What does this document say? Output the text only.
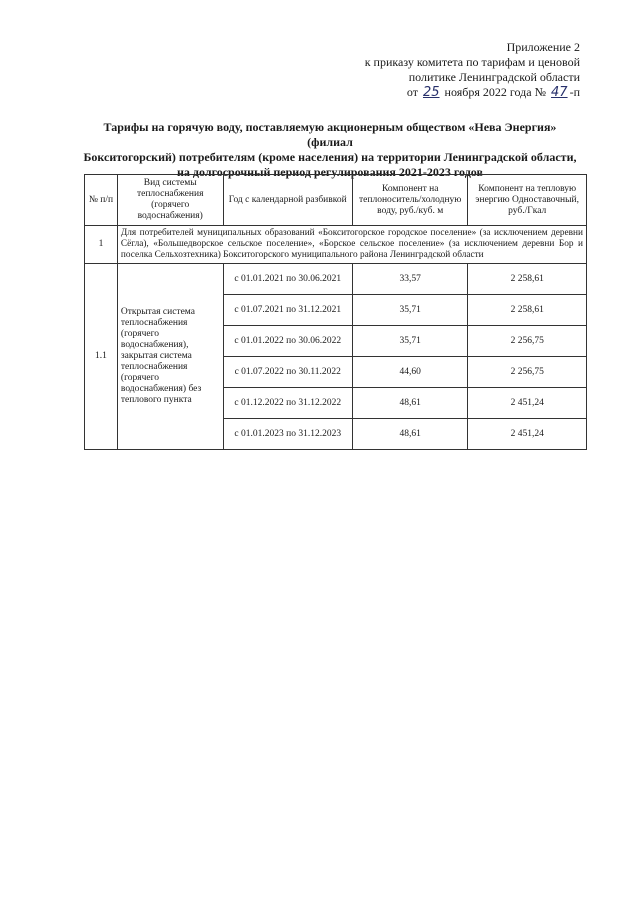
Приложение 2
к приказу комитета по тарифам и ценовой
политике Ленинградской области
от 25 ноября 2022 года № 47 -п
Тарифы на горячую воду, поставляемую акционерным обществом «Нева Энергия» (филиал
Бокситогорский) потребителям (кроме населения) на территории Ленинградской области,
на долгосрочный период регулирования 2021-2023 годов
№ п/п	Вид системы теплоснабжения (горячего водоснабжения)	Год с календарной разбивкой	Компонент на теплоноситель/холодную воду, руб./куб. м	Компонент на тепловую энергию Одноставочный, руб./Гкал
1	Для потребителей муниципальных образований «Бокситогорское городское поселение» (за исключением деревни Сёгла), «Большедворское сельское поселение», «Борское сельское поселение» (за исключением деревни Бор и поселка Сельхозтехника) Бокситогорского муниципального района Ленинградской области			
1.1	Открытая система теплоснабжения (горячего водоснабжения), закрытая система теплоснабжения (горячего водоснабжения) без теплового пункта	с 01.01.2021 по 30.06.2021	33,57	2 258,61
		с 01.07.2021 по 31.12.2021	35,71	2 258,61
		с 01.01.2022 по 30.06.2022	35,71	2 256,75
		с 01.07.2022 по 30.11.2022	44,60	2 256,75
		с 01.12.2022 по 31.12.2022	48,61	2 451,24
		с 01.01.2023 по 31.12.2023	48,61	2 451,24
